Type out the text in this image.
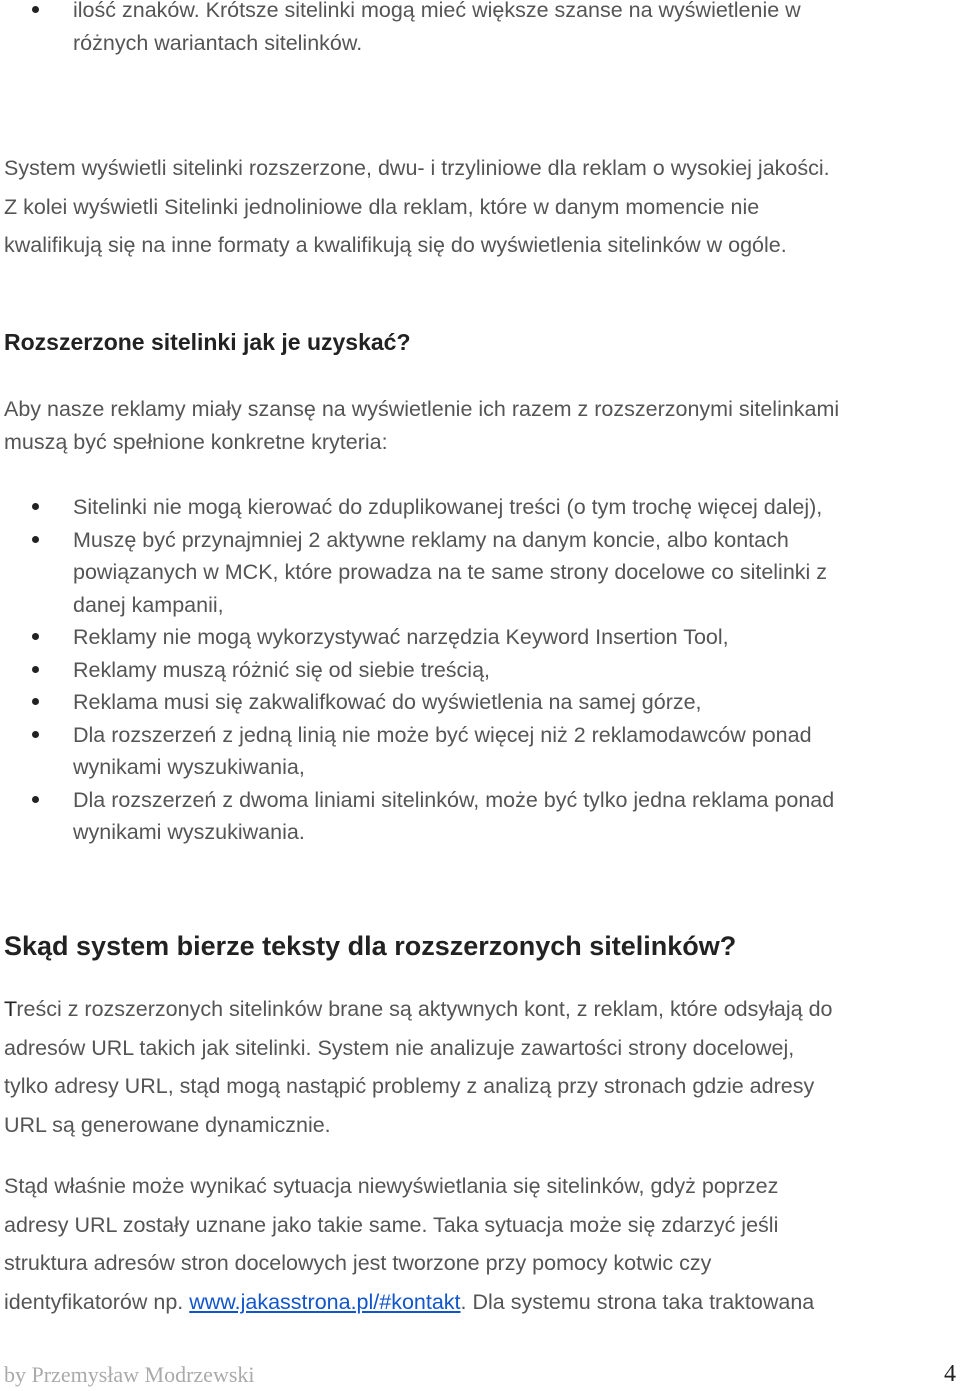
ilość znaków. Krótsze sitelinki mogą mieć większe szanse na wyświetlenie w
różnych wariantach sitelinków.
System wyświetli sitelinki rozszerzone, dwu- i trzyliniowe dla reklam o wysokiej jakości.
Z kolei wyświetli Sitelinki jednoliniowe dla reklam, które w danym momencie nie
kwalifikują się na inne formaty a kwalifikują się do wyświetlenia sitelinków w ogóle.
Rozszerzone sitelinki jak je uzyskać?
Aby nasze reklamy miały szansę na wyświetlenie ich razem z rozszerzonymi sitelinkami
muszą być spełnione konkretne kryteria:
Sitelinki nie mogą kierować do zduplikowanej treści (o tym trochę więcej dalej),
Muszę być przynajmniej 2 aktywne reklamy na danym koncie, albo kontach
powiązanych w MCK, które prowadza na te same strony docelowe co sitelinki z
danej kampanii,
Reklamy nie mogą wykorzystywać narzędzia Keyword Insertion Tool,
Reklamy muszą różnić się od siebie treścią,
Reklama musi się zakwalifkować do wyświetlenia na samej górze,
Dla rozszerzeń z jedną linią nie może być więcej niż 2 reklamodawców ponad
wynikami wyszukiwania,
Dla rozszerzeń z dwoma liniami sitelinków, może być tylko jedna reklama ponad
wynikami wyszukiwania.
Skąd system bierze teksty dla rozszerzonych sitelinków?
Treści z rozszerzonych sitelinków brane są aktywnych kont, z reklam, które odsyłają do
adresów URL takich jak sitelinki. System nie analizuje zawartości strony docelowej,
tylko adresy URL, stąd mogą nastąpić problemy z analizą przy stronach gdzie adresy
URL są generowane dynamicznie.
Stąd właśnie może wynikać sytuacja niewyświetlania się sitelinków, gdyż poprzez
adresy URL zostały uznane jako takie same. Taka sytuacja może się zdarzyć jeśli
struktura adresów stron docelowych jest tworzone przy pomocy kotwic czy
identyfikatorów np. www.jakasstrona.pl/#kontakt. Dla systemu strona taka traktowana
by Przemysław Modrzewski	4
